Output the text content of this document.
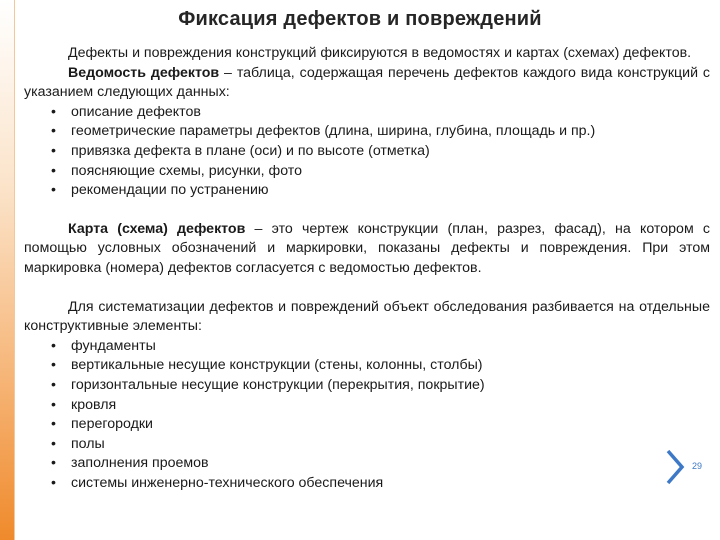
Фиксация дефектов и повреждений

Дефекты и повреждения конструкций фиксируются в ведомостях и картах (схемах) дефектов.

Ведомость дефектов – таблица, содержащая перечень дефектов каждого вида конструкций с указанием следующих данных:

• описание дефектов
• геометрические параметры дефектов (длина, ширина, глубина, площадь и пр.)
• привязка дефекта в плане (оси) и по высоте (отметка)
• поясняющие схемы, рисунки, фото
• рекомендации по устранению

Карта (схема) дефектов – это чертеж конструкции (план, разрез, фасад), на котором с помощью условных обозначений и маркировки, показаны дефекты и повреждения. При этом маркировка (номера) дефектов согласуется с ведомостью дефектов.

Для систематизации дефектов и повреждений объект обследования разбивается на отдельные конструктивные элементы:

• фундаменты
• вертикальные несущие конструкции (стены, колонны, столбы)
• горизонтальные несущие конструкции (перекрытия, покрытие)
• кровля
• перегородки
• полы
• заполнения проемов
• системы инженерно-технического обеспечения
29
